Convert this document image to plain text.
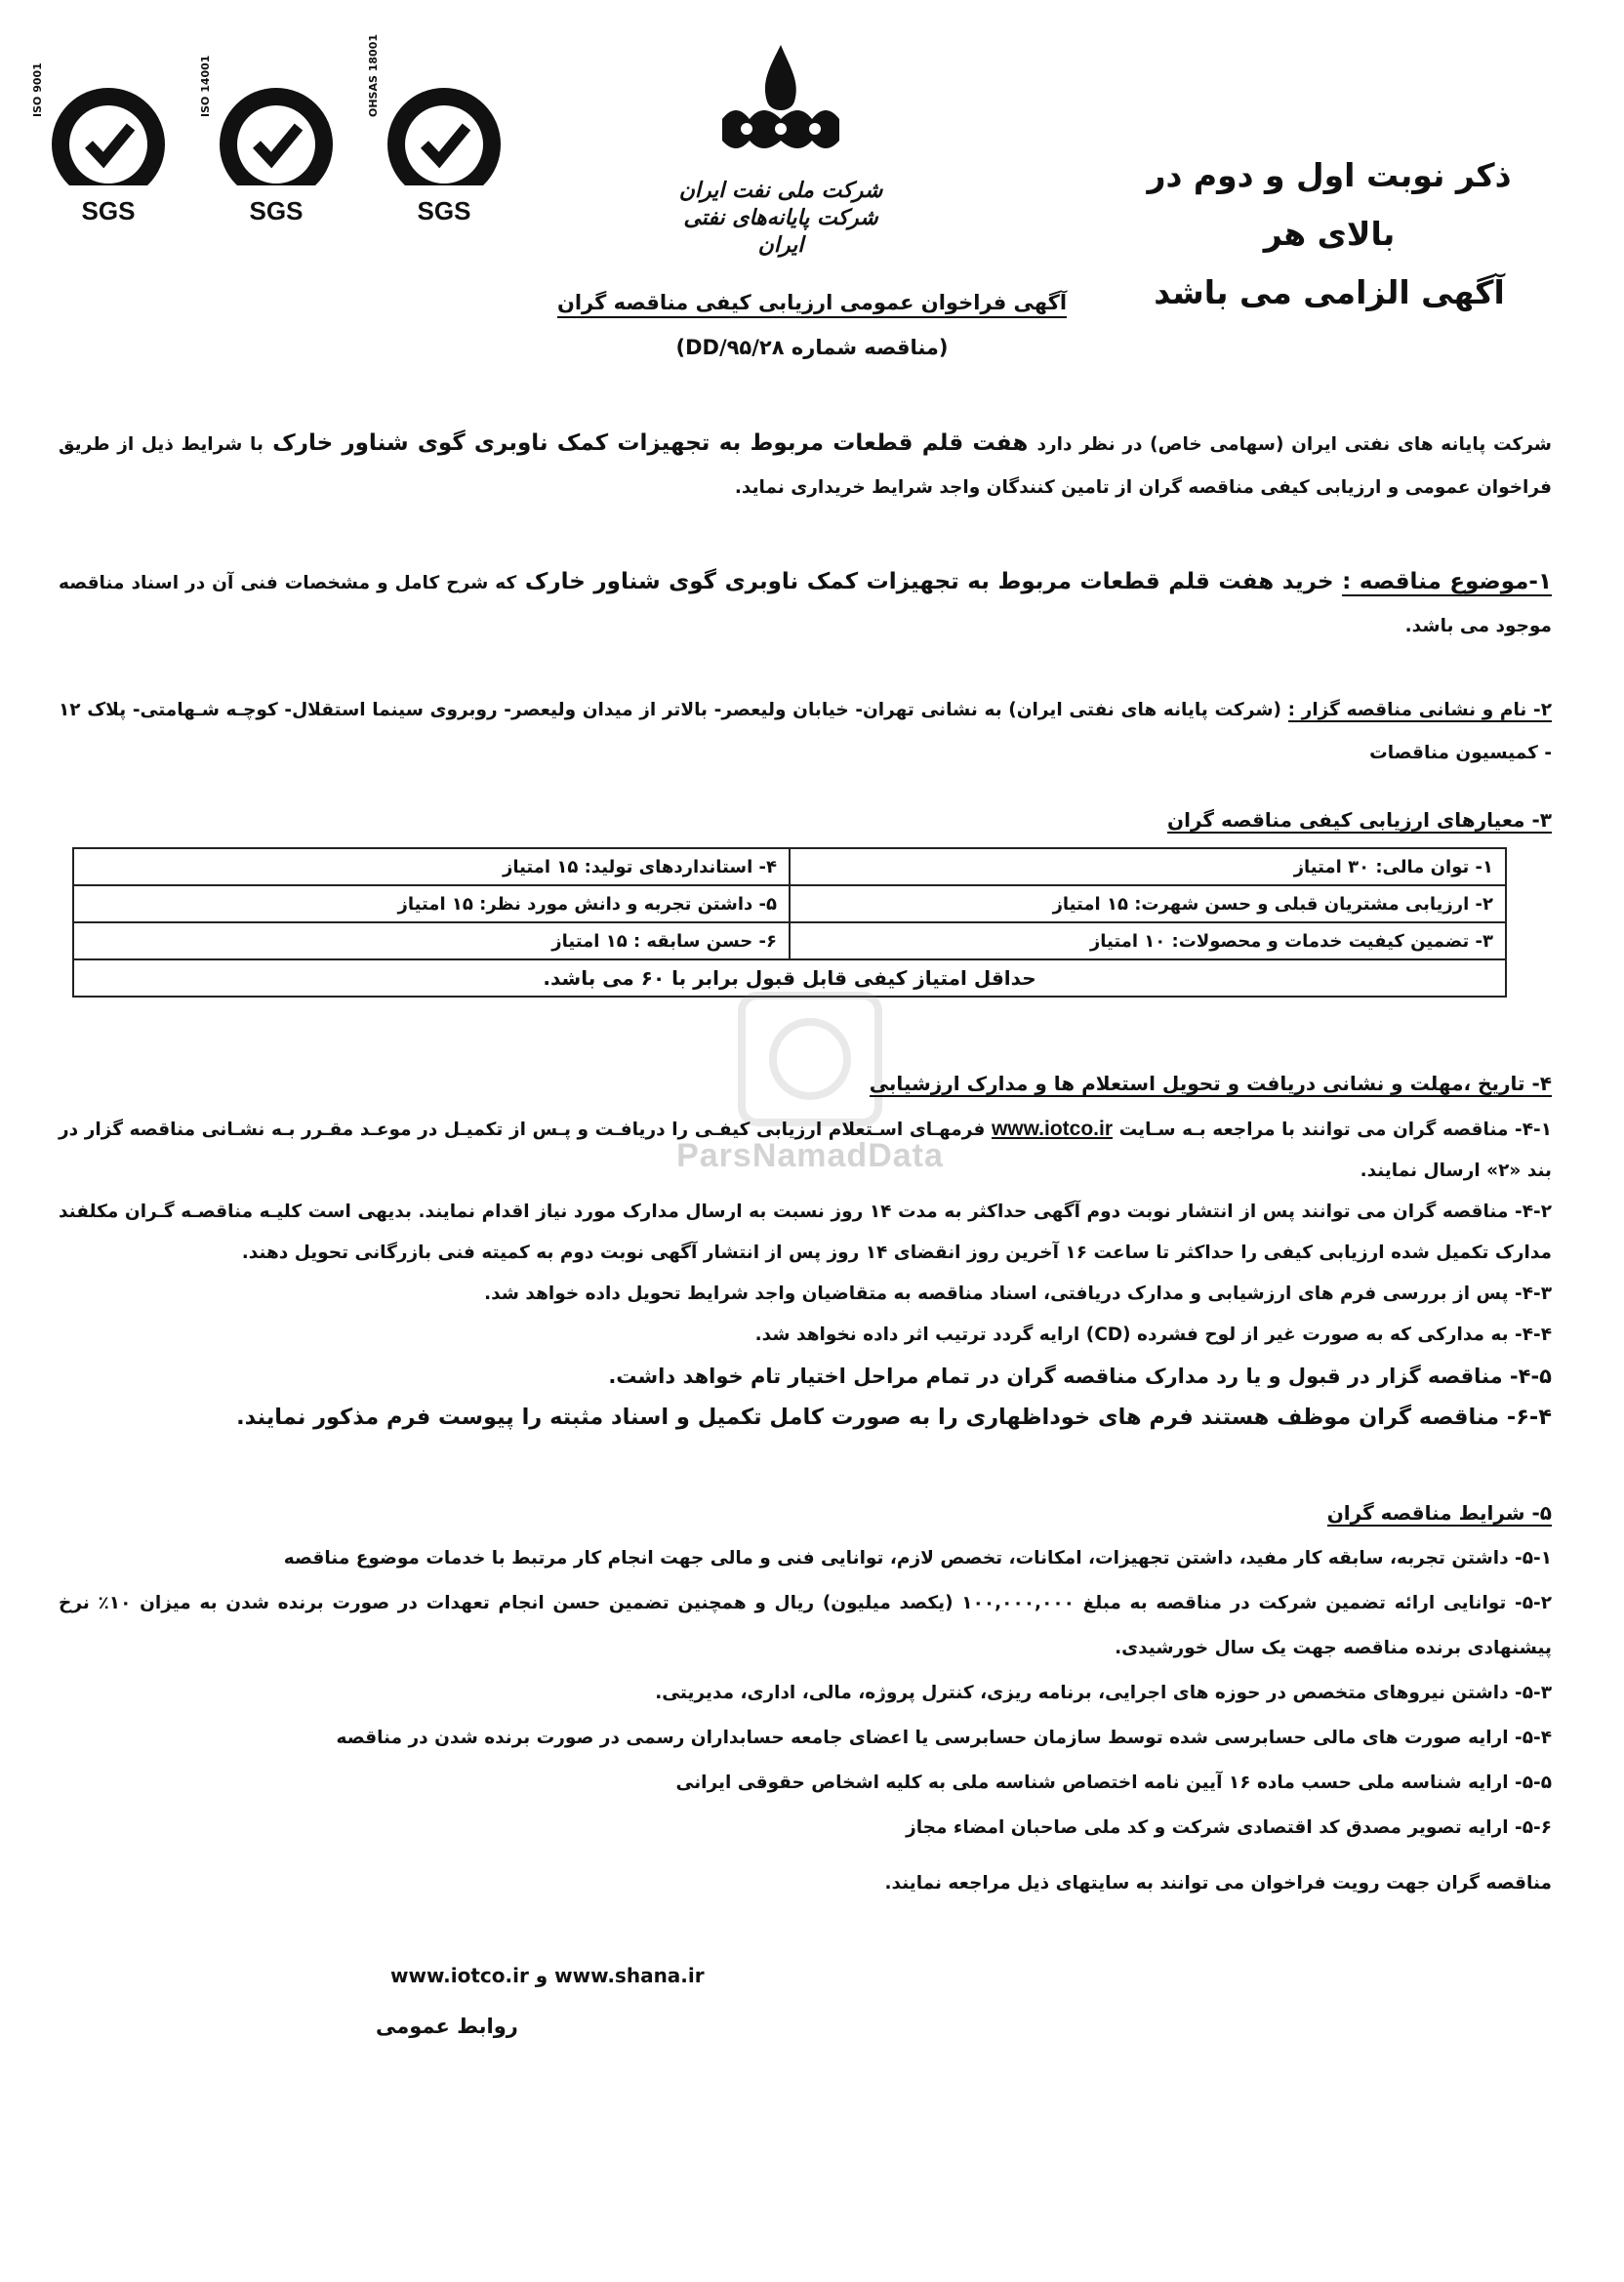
ISO 9001
SGS
ISO 14001
SGS
OHSAS 18001
SGS
شرکت ملی نفت ایران
شرکت پایانه‌های نفتی ایران
ذکر نوبت اول و دوم در بالای هر
آگهی الزامی می باشد
آگهی فراخوان عمومی ارزیابی کیفی مناقصه گران
(مناقصه شماره ۹۵/۲۸/DD)
شرکت پایانه های نفتی ایران (سهامی خاص) در نظر دارد هفت قلم قطعات مربوط به تجهیزات کمک ناوبری گوی شناور خارک با شرایط ذیل از طریق فراخوان عمومی و ارزیابی کیفی مناقصه گران از تامین کنندگان واجد شرایط خریداری نماید.
۱-موضوع مناقصه : خرید هفت قلم قطعات مربوط به تجهیزات کمک ناوبری گوی شناور خارک که شرح کامل و مشخصات فنی آن در اسناد مناقصه موجود می باشد.
۲- نام و نشانی مناقصه گزار : (شرکت پایانه های نفتی ایران) به نشانی تهران- خیابان ولیعصر- بالاتر از میدان ولیعصر- روبروی سینما استقلال- کوچـه شـهامتی- پلاک ۱۲ - کمیسیون مناقصات
۳- معیارهای ارزیابی کیفی مناقصه گران
۱- توان مالی: ۳۰ امتیاز	۴- استانداردهای تولید: ۱۵ امتیاز
۲- ارزیابی مشتریان قبلی و حسن شهرت: ۱۵ امتیاز	۵- داشتن تجربه و دانش مورد نظر: ۱۵ امتیاز
۳- تضمین کیفیت خدمات و محصولات: ۱۰ امتیاز	۶- حسن سابقه : ۱۵ امتیاز
حداقل امتیاز کیفی قابل قبول برابر با ۶۰ می باشد.	
ParsNamadData
۴- تاریخ ،مهلت و نشانی دریافت و تحویل استعلام ها و مدارک ارزشیابی
۴-۱- مناقصه گران می توانند با مراجعه بـه سـایت www.iotco.ir فرمهـای اسـتعلام ارزیابی کیفـی را دریافـت و پـس از تکمیـل در موعـد مقـرر بـه نشـانی مناقصه گزار در بند «۲» ارسال نمایند.
۴-۲- مناقصه گران می توانند پس از انتشار نوبت دوم آگهی حداکثر به مدت ۱۴ روز نسبت به ارسال مدارک مورد نیاز اقدام نمایند. بدیهی است کلیـه مناقصـه گـران مکلفند مدارک تکمیل شده ارزیابی کیفی را حداکثر تا ساعت ۱۶ آخرین روز انقضای ۱۴ روز پس از انتشار آگهی نوبت دوم به کمیته فنی بازرگانی تحویل دهند.
۴-۳- پس از بررسی فرم های ارزشیابی و مدارک دریافتی، اسناد مناقصه به متقاضیان واجد شرایط تحویل داده خواهد شد.
۴-۴- به مدارکی که به صورت غیر از لوح فشرده (CD) ارایه گردد ترتیب اثر داده نخواهد شد.
۴-۵- مناقصه گزار در قبول و یا رد مدارک مناقصه گران در تمام مراحل اختیار تام خواهد داشت.
۶-۴- مناقصه گران موظف هستند فرم های خوداظهاری را به صورت کامل تکمیل و اسناد مثبته را پیوست فرم مذکور نمایند.
۵- شرایط مناقصه گران
۵-۱- داشتن تجربه، سابقه کار مفید، داشتن تجهیزات، امکانات، تخصص لازم، توانایی فنی و مالی جهت انجام کار مرتبط با خدمات موضوع مناقصه
۵-۲- توانایی ارائه تضمین شرکت در مناقصه به مبلغ ۱۰۰,۰۰۰,۰۰۰ (یکصد میلیون) ریال و همچنین تضمین حسن انجام تعهدات در صورت برنده شدن به میزان ۱۰٪ نرخ پیشنهادی برنده مناقصه جهت یک سال خورشیدی.
۵-۳- داشتن نیروهای متخصص در حوزه های اجرایی، برنامه ریزی، کنترل پروژه، مالی، اداری، مدیریتی.
۵-۴- ارایه صورت های مالی حسابرسی شده توسط سازمان حسابرسی یا اعضای جامعه حسابداران رسمی در صورت برنده شدن در مناقصه
۵-۵- ارایه شناسه ملی حسب ماده ۱۶ آیین نامه اختصاص شناسه ملی به کلیه اشخاص حقوقی ایرانی
۵-۶- ارایه تصویر مصدق کد اقتصادی شرکت و کد ملی صاحبان امضاء مجاز
مناقصه گران جهت رویت فراخوان می توانند به سایتهای ذیل مراجعه نمایند.
www.iotco.ir و www.shana.ir
روابط عمومی
